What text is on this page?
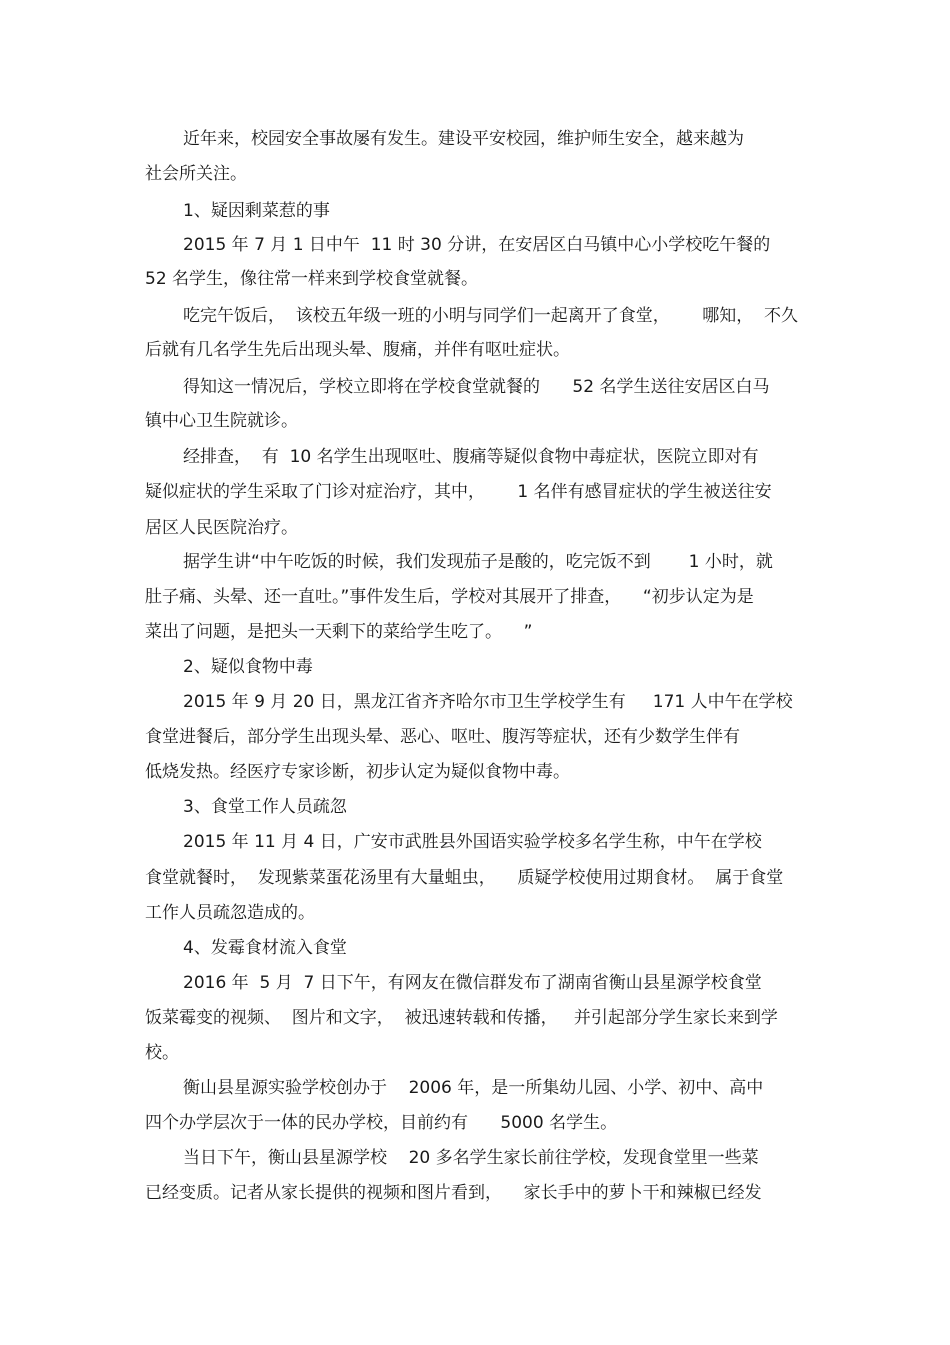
近年来，校园安全事故屡有发生。建设平安校园，维护师生安全，越来越为
社会所关注。
1、疑因剩菜惹的事
2015 年 7 月 1 日中午  11 时 30 分讲，在安居区白马镇中心小学校吃午餐的
52 名学生，像往常一样来到学校食堂就餐。
吃完午饭后，  该校五年级一班的小明与同学们一起离开了食堂，      哪知，  不久
后就有几名学生先后出现头晕、腹痛，并伴有呕吐症状。
得知这一情况后，学校立即将在学校食堂就餐的      52 名学生送往安居区白马
镇中心卫生院就诊。
经排查，  有  10 名学生出现呕吐、腹痛等疑似食物中毒症状，医院立即对有
疑似症状的学生采取了门诊对症治疗，其中，      1 名伴有感冒症状的学生被送往安
居区人民医院治疗。
据学生讲“中午吃饭的时候，我们发现茄子是酸的，吃完饭不到       1 小时，就
肚子痛、头晕、还一直吐。”事件发生后，学校对其展开了排查，    “初步认定为是
菜出了问题，是把头一天剩下的菜给学生吃了。    ”
2、疑似食物中毒
2015 年 9 月 20 日，黑龙江省齐齐哈尔市卫生学校学生有     171 人中午在学校
食堂进餐后，部分学生出现头晕、恶心、呕吐、腹泻等症状，还有少数学生伴有
低烧发热。经医疗专家诊断，初步认定为疑似食物中毒。
3、食堂工作人员疏忽
2015 年 11 月 4 日，广安市武胜县外国语实验学校多名学生称，中午在学校
食堂就餐时，  发现紫菜蛋花汤里有大量蛆虫，    质疑学校使用过期食材。  属于食堂
工作人员疏忽造成的。
4、发霉食材流入食堂
2016 年  5 月  7 日下午，有网友在微信群发布了湖南省衡山县星源学校食堂
饭菜霉变的视频、  图片和文字，  被迅速转载和传播，   并引起部分学生家长来到学
校。
衡山县星源实验学校创办于    2006 年，是一所集幼儿园、小学、初中、高中
四个办学层次于一体的民办学校，目前约有      5000 名学生。
当日下午，衡山县星源学校    20 多名学生家长前往学校，发现食堂里一些菜
已经变质。记者从家长提供的视频和图片看到，    家长手中的萝卜干和辣椒已经发
